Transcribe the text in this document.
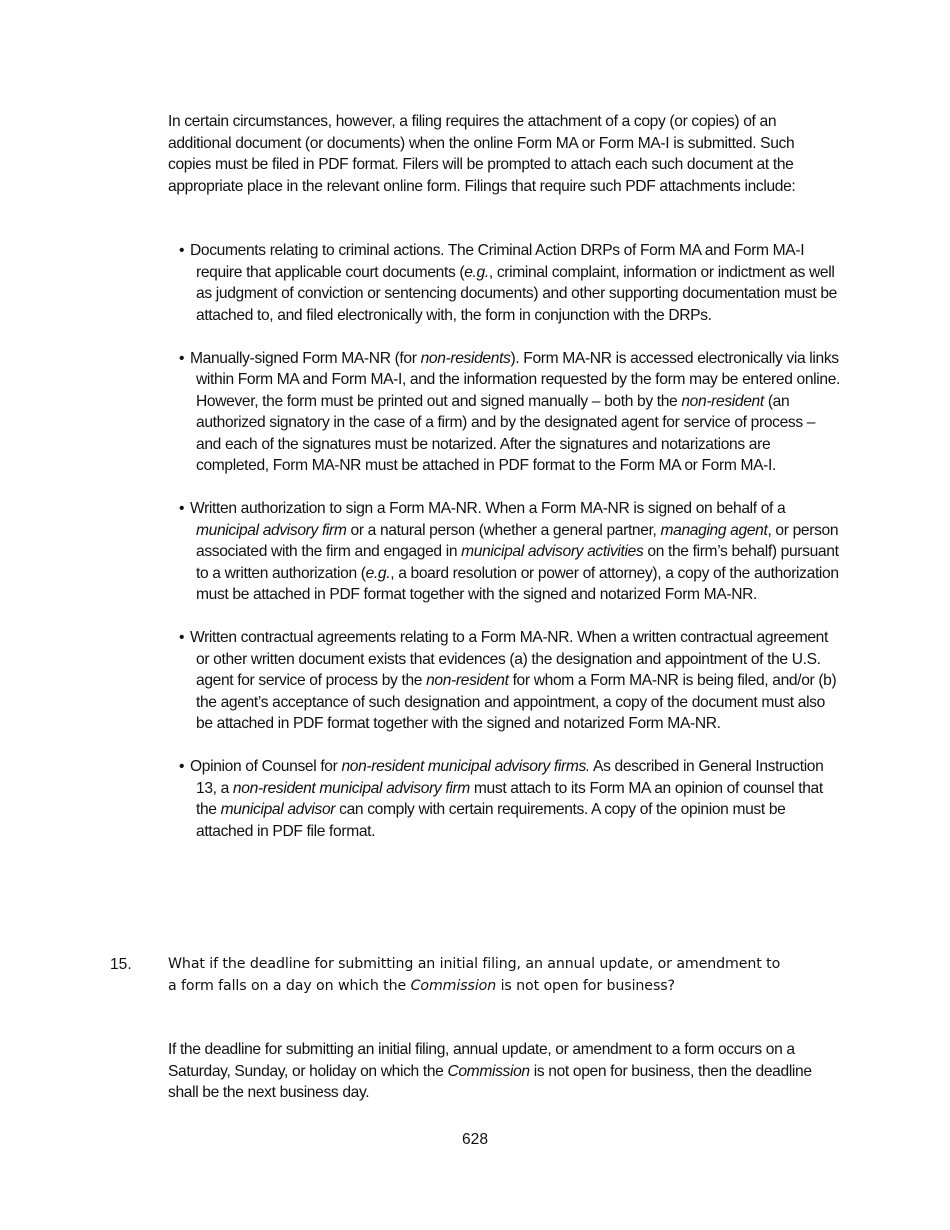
In certain circumstances, however, a filing requires the attachment of a copy (or copies) of an additional document (or documents) when the online Form MA or Form MA-I is submitted. Such copies must be filed in PDF format. Filers will be prompted to attach each such document at the appropriate place in the relevant online form. Filings that require such PDF attachments include:

•Documents relating to criminal actions. The Criminal Action DRPs of Form MA and Form MA-I require that applicable court documents (e.g., criminal complaint, information or indictment as well as judgment of conviction or sentencing documents) and other supporting documentation must be attached to, and filed electronically with, the form in conjunction with the DRPs.
•Manually-signed Form MA-NR (for non-residents). Form MA-NR is accessed electronically via links within Form MA and Form MA-I, and the information requested by the form may be entered online. However, the form must be printed out and signed manually – both by the non-resident (an authorized signatory in the case of a firm) and by the designated agent for service of process – and each of the signatures must be notarized. After the signatures and notarizations are completed, Form MA-NR must be attached in PDF format to the Form MA or Form MA-I.
•Written authorization to sign a Form MA-NR. When a Form MA-NR is signed on behalf of a municipal advisory firm or a natural person (whether a general partner, managing agent, or person associated with the firm and engaged in municipal advisory activities on the firm’s behalf) pursuant to a written authorization (e.g., a board resolution or power of attorney), a copy of the authorization must be attached in PDF format together with the signed and notarized Form MA-NR.
•Written contractual agreements relating to a Form MA-NR. When a written contractual agreement or other written document exists that evidences (a) the designation and appointment of the U.S. agent for service of process by the non-resident for whom a Form MA-NR is being filed, and/or (b) the agent’s acceptance of such designation and appointment, a copy of the document must also be attached in PDF format together with the signed and notarized Form MA-NR.
•Opinion of Counsel for non-resident municipal advisory firms. As described in General Instruction 13, a non-resident municipal advisory firm must attach to its Form MA an opinion of counsel that the municipal advisor can comply with certain requirements. A copy of the opinion must be attached in PDF file format.
15.	What if the deadline for submitting an initial filing, an annual update, or amendment to a form falls on a day on which the Commission is not open for business?

If the deadline for submitting an initial filing, annual update, or amendment to a form occurs on a Saturday, Sunday, or holiday on which the Commission is not open for business, then the deadline shall be the next business day.

628
